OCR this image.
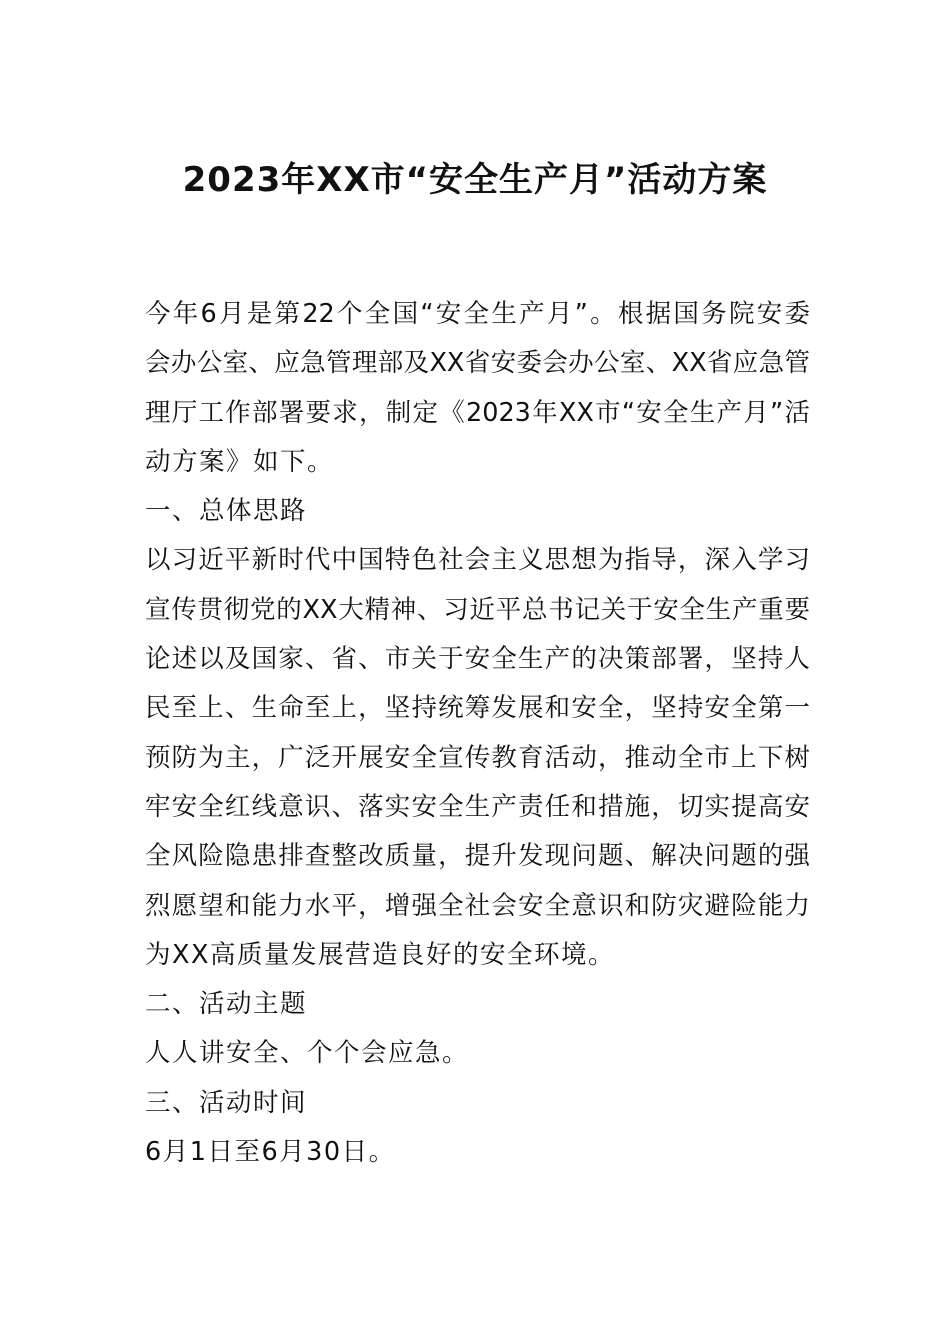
2023年XX市“安全生产月”活动方案
今年6月是第22个全国“安全生产月”。根据国务院安委
会办公室、应急管理部及XX省安委会办公室、XX省应急管
理厅工作部署要求，制定《2023年XX市“安全生产月”活
动方案》如下。
一、总体思路
以习近平新时代中国特色社会主义思想为指导，深入学习
宣传贯彻党的XX大精神、习近平总书记关于安全生产重要
论述以及国家、省、市关于安全生产的决策部署，坚持人
民至上、生命至上，坚持统筹发展和安全，坚持安全第一
预防为主，广泛开展安全宣传教育活动，推动全市上下树
牢安全红线意识、落实安全生产责任和措施，切实提高安
全风险隐患排查整改质量，提升发现问题、解决问题的强
烈愿望和能力水平，增强全社会安全意识和防灾避险能力
为XX高质量发展营造良好的安全环境。
二、活动主题
人人讲安全、个个会应急。
三、活动时间
6月1日至6月30日。
